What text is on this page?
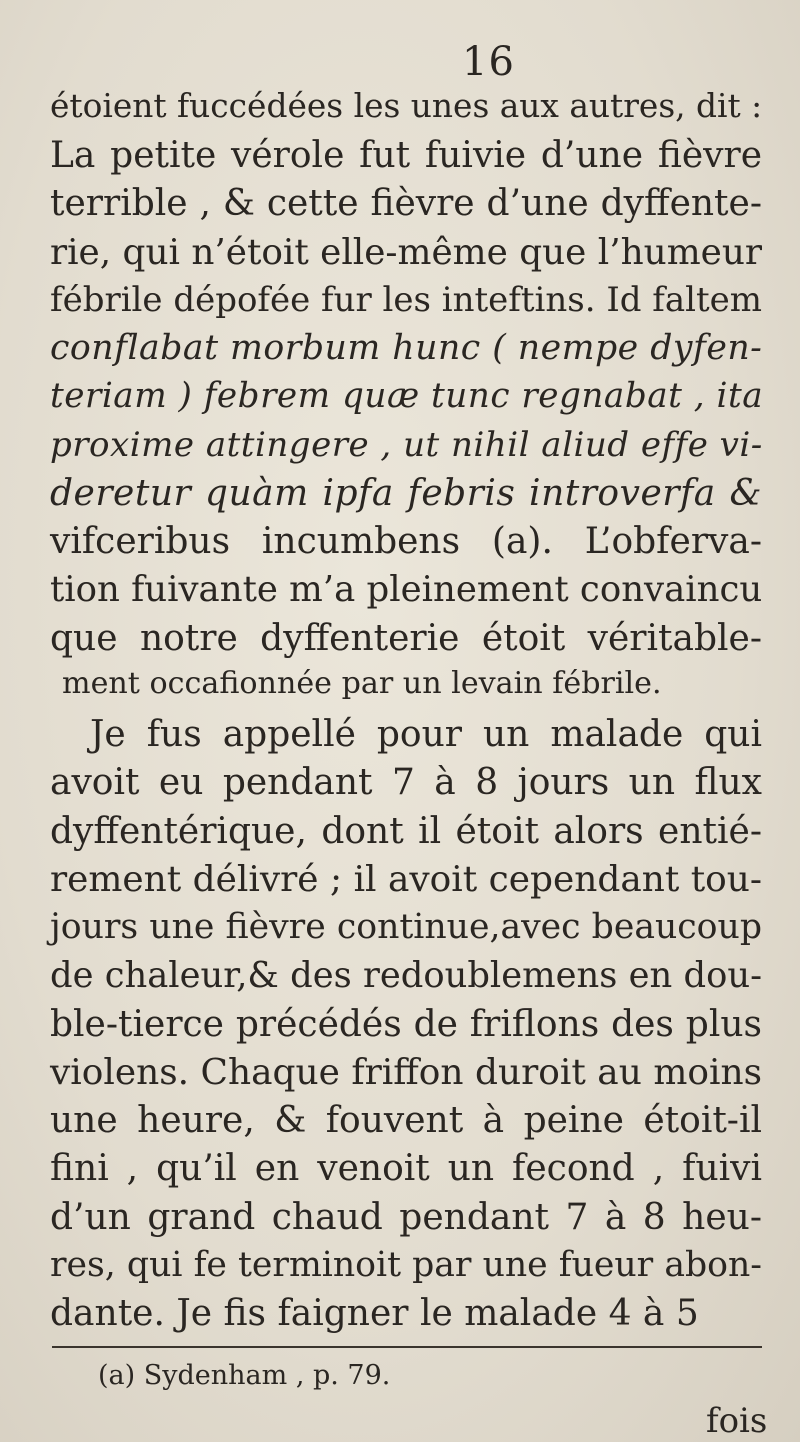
16
étoient fuccédées les unes aux autres, dit :
La petite vérole fut fuivie d’une fièvre
terrible , & cette fièvre d’une dyffente-
rie, qui n’étoit elle-même que l’humeur
fébrile dépofée fur les inteftins. Id faltem
conflabat morbum hunc ( nempe dyfen-
teriam ) febrem quæ tunc regnabat , ita
proxime attingere , ut nihil aliud effe vi-
deretur quàm ipfa febris introverfa &
vifceribus incumbens (a). L’obferva-
tion fuivante m’a pleinement convaincu
que notre dyffenterie étoit véritable-
ment occafionnée par un levain fébrile.
Je fus appellé pour un malade qui
avoit eu pendant 7 à 8 jours un flux
dyffentérique, dont il étoit alors entié-
rement délivré ; il avoit cependant tou-
jours une fièvre continue,avec beaucoup
de chaleur,& des redoublemens en dou-
ble-tierce précédés de friflons des plus
violens. Chaque friffon duroit au moins
une heure, & fouvent à peine étoit-il
fini , qu’il en venoit un fecond , fuivi
d’un grand chaud pendant 7 à 8 heu-
res, qui fe terminoit par une fueur abon-
(a) Sydenham , p. 79.
fois
dante. Je fis faigner le malade 4 à 5
